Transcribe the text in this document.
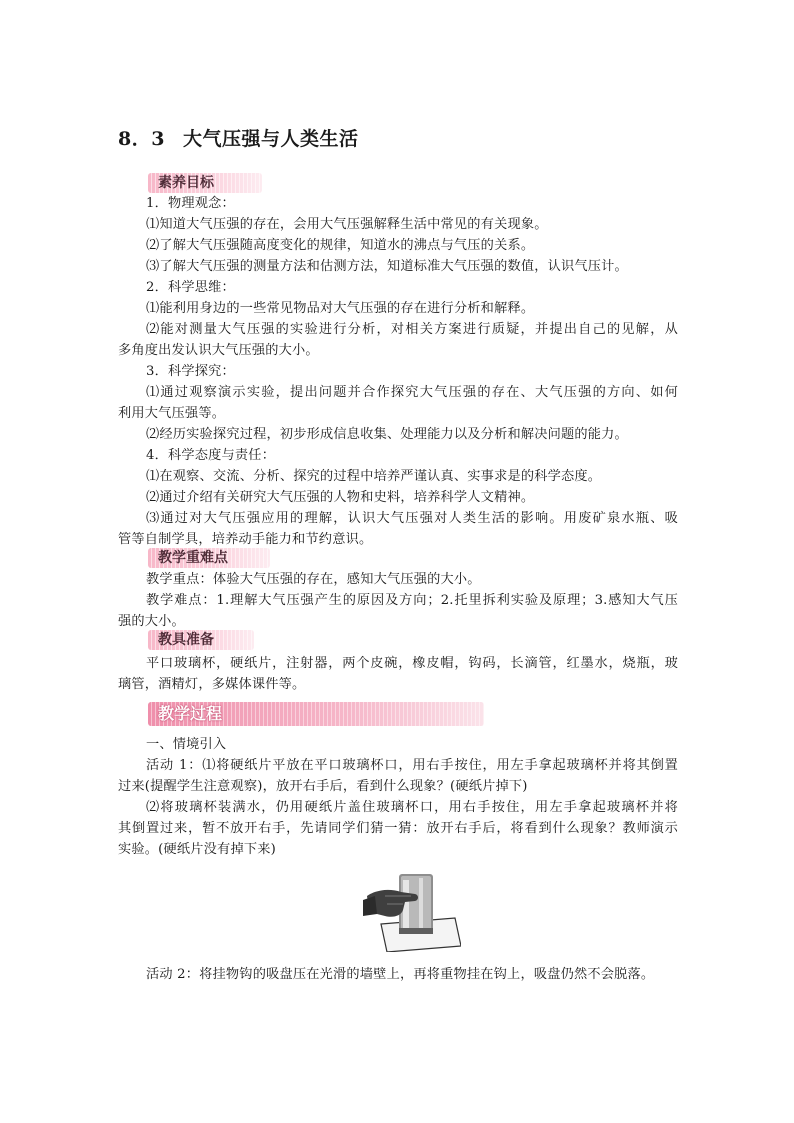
8．3 大气压强与人类生活
素养目标
1．物理观念：
⑴知道大气压强的存在，会用大气压强解释生活中常见的有关现象。
⑵了解大气压强随高度变化的规律，知道水的沸点与气压的关系。
⑶了解大气压强的测量方法和估测方法，知道标准大气压强的数值，认识气压计。
2．科学思维：
⑴能利用身边的一些常见物品对大气压强的存在进行分析和解释。
⑵能对测量大气压强的实验进行分析，对相关方案进行质疑，并提出自己的见解，从
多角度出发认识大气压强的大小。
3．科学探究：
⑴通过观察演示实验，提出问题并合作探究大气压强的存在、大气压强的方向、如何
利用大气压强等。
⑵经历实验探究过程，初步形成信息收集、处理能力以及分析和解决问题的能力。
4．科学态度与责任：
⑴在观察、交流、分析、探究的过程中培养严谨认真、实事求是的科学态度。
⑵通过介绍有关研究大气压强的人物和史料，培养科学人文精神。
⑶通过对大气压强应用的理解，认识大气压强对人类生活的影响。用废矿泉水瓶、吸
管等自制学具，培养动手能力和节约意识。
教学重难点
教学重点：体验大气压强的存在，感知大气压强的大小。
教学难点：1.理解大气压强产生的原因及方向；2.托里拆利实验及原理；3.感知大气压
强的大小。
教具准备
平口玻璃杯，硬纸片，注射器，两个皮碗，橡皮帽，钩码，长滴管，红墨水，烧瓶，玻
璃管，酒精灯，多媒体课件等。
教学过程
一、情境引入
活动 1：⑴将硬纸片平放在平口玻璃杯口，用右手按住，用左手拿起玻璃杯并将其倒置
过来(提醒学生注意观察)，放开右手后，看到什么现象？(硬纸片掉下)
⑵将玻璃杯装满水，仍用硬纸片盖住玻璃杯口，用右手按住，用左手拿起玻璃杯并将
其倒置过来，暂不放开右手，先请同学们猜一猜：放开右手后，将看到什么现象？教师演示
实验。(硬纸片没有掉下来)
活动 2：将挂物钩的吸盘压在光滑的墙壁上，再将重物挂在钩上，吸盘仍然不会脱落。
